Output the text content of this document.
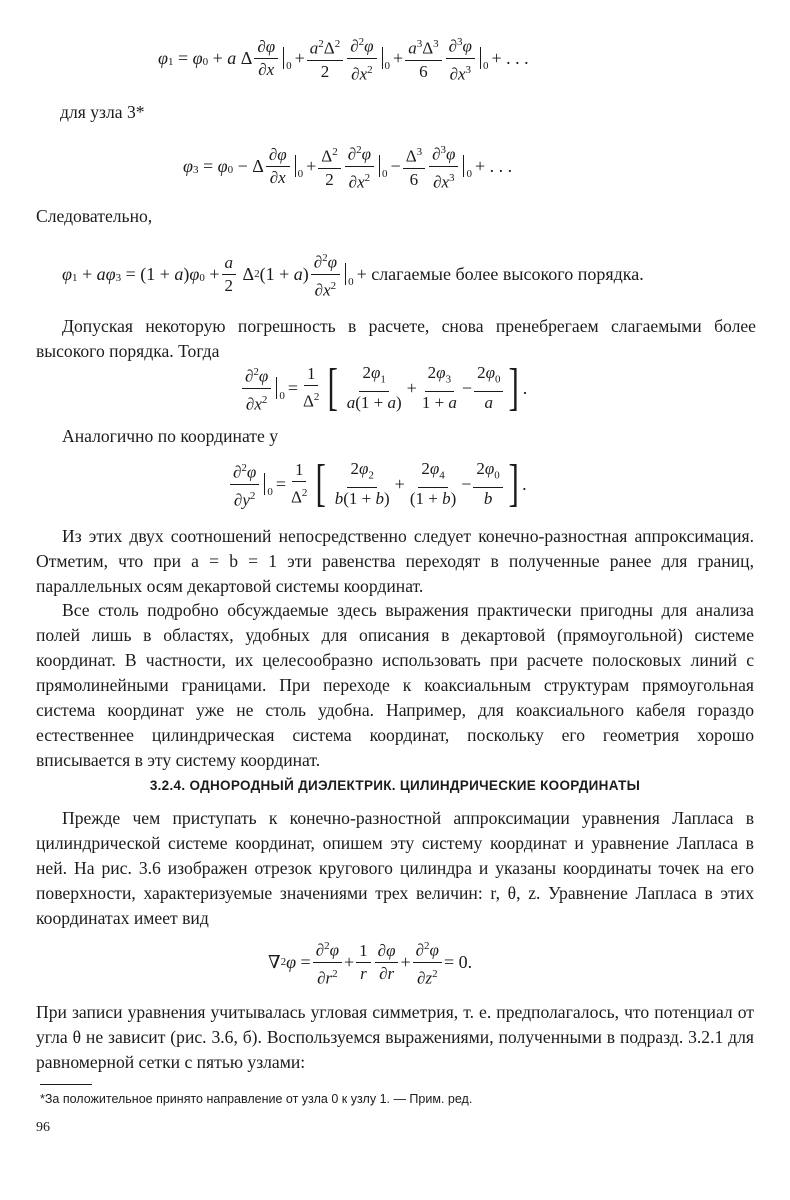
$\varphi_1 = \varphi_0 + a$ Δ
∂φ
∂x $0 + a^2\Delta^2$
2
∂$^2$φ
$\partial x^2$ $0 + a^3\Delta^3$
6
∂$^3$φ
$\partial x^3$ 0 + . . .
для узла 3*
$\varphi_3 = \varphi_0 - \Delta$
∂φ
∂x $0 + \Delta^2$
2
∂$^2$φ
$\partial x^2$ $0 - \Delta^3$
6
∂$^3$φ
$\partial x^3$ 0 + . . .
Следовательно,
$\varphi_1 + a\varphi_3 = (1 + a$ ) $\varphi_0$ +
a
2
Δ 2 (1 + a )
∂$^2$φ
$\partial x^2$ 0 + слагаемые более высокого порядка.
Допуская некоторую погрешность в расчете, снова пренебрегаем слагаемыми более высокого порядка. Тогда
∂$^2$φ
$\partial x^2$ 0 =
1
$\Delta^2$ [ $2\varphi_1$
a(1 + a)
+
$2\varphi_3$
1 + a
−
$2\varphi_0$
a ] .
Аналогично по координате y
∂$^2$φ
$\partial y^2$ 0 =
1
$\Delta^2$ [ $2\varphi_2$
b(1 + b)
+
$2\varphi_4$
(1 + b)
−
$2\varphi_0$
b ] .
Из этих двух соотношений непосредственно следует конечно-разностная аппроксимация. Отметим, что при a = b = 1 эти равенства переходят в полученные ранее для границ, параллельных осям декартовой системы координат.
Все столь подробно обсуждаемые здесь выражения практически пригодны для анализа полей лишь в областях, удобных для описания в декартовой (прямоугольной) системе координат. В частности, их целесообразно использовать при расчете полосковых линий с прямолинейными границами. При переходе к коаксиальным структурам прямоугольная система координат уже не столь удобна. Например, для коаксиального кабеля гораздо естественнее цилиндрическая система координат, поскольку его геометрия хорошо вписывается в эту систему координат.
3.2.4. ОДНОРОДНЫЙ ДИЭЛЕКТРИК. ЦИЛИНДРИЧЕСКИЕ КООРДИНАТЫ
Прежде чем приступать к конечно-разностной аппроксимации уравнения Лапласа в цилиндрической системе координат, опишем эту систему координат и уравнение Лапласа в ней. На рис. 3.6 изображен отрезок кругового цилиндра и указаны координаты точек на его поверхности, характеризуемые значениями трех величин: r, θ, z. Уравнение Лапласа в этих координатах имеет вид
∇ 2 φ =
∂$^2$φ
$\partial r^2$
+
1
r
∂φ
∂r
+
∂$^2$φ
$\partial z^2$
= 0.
При записи уравнения учитывалась угловая симметрия, т. е. предполагалось, что потенциал от угла θ не зависит (рис. 3.6, б). Воспользуемся выражениями, полученными в подразд. 3.2.1 для равномерной сетки с пятью узлами:
*За положительное принято направление от узла 0 к узлу 1. — Прим. ред.
96
